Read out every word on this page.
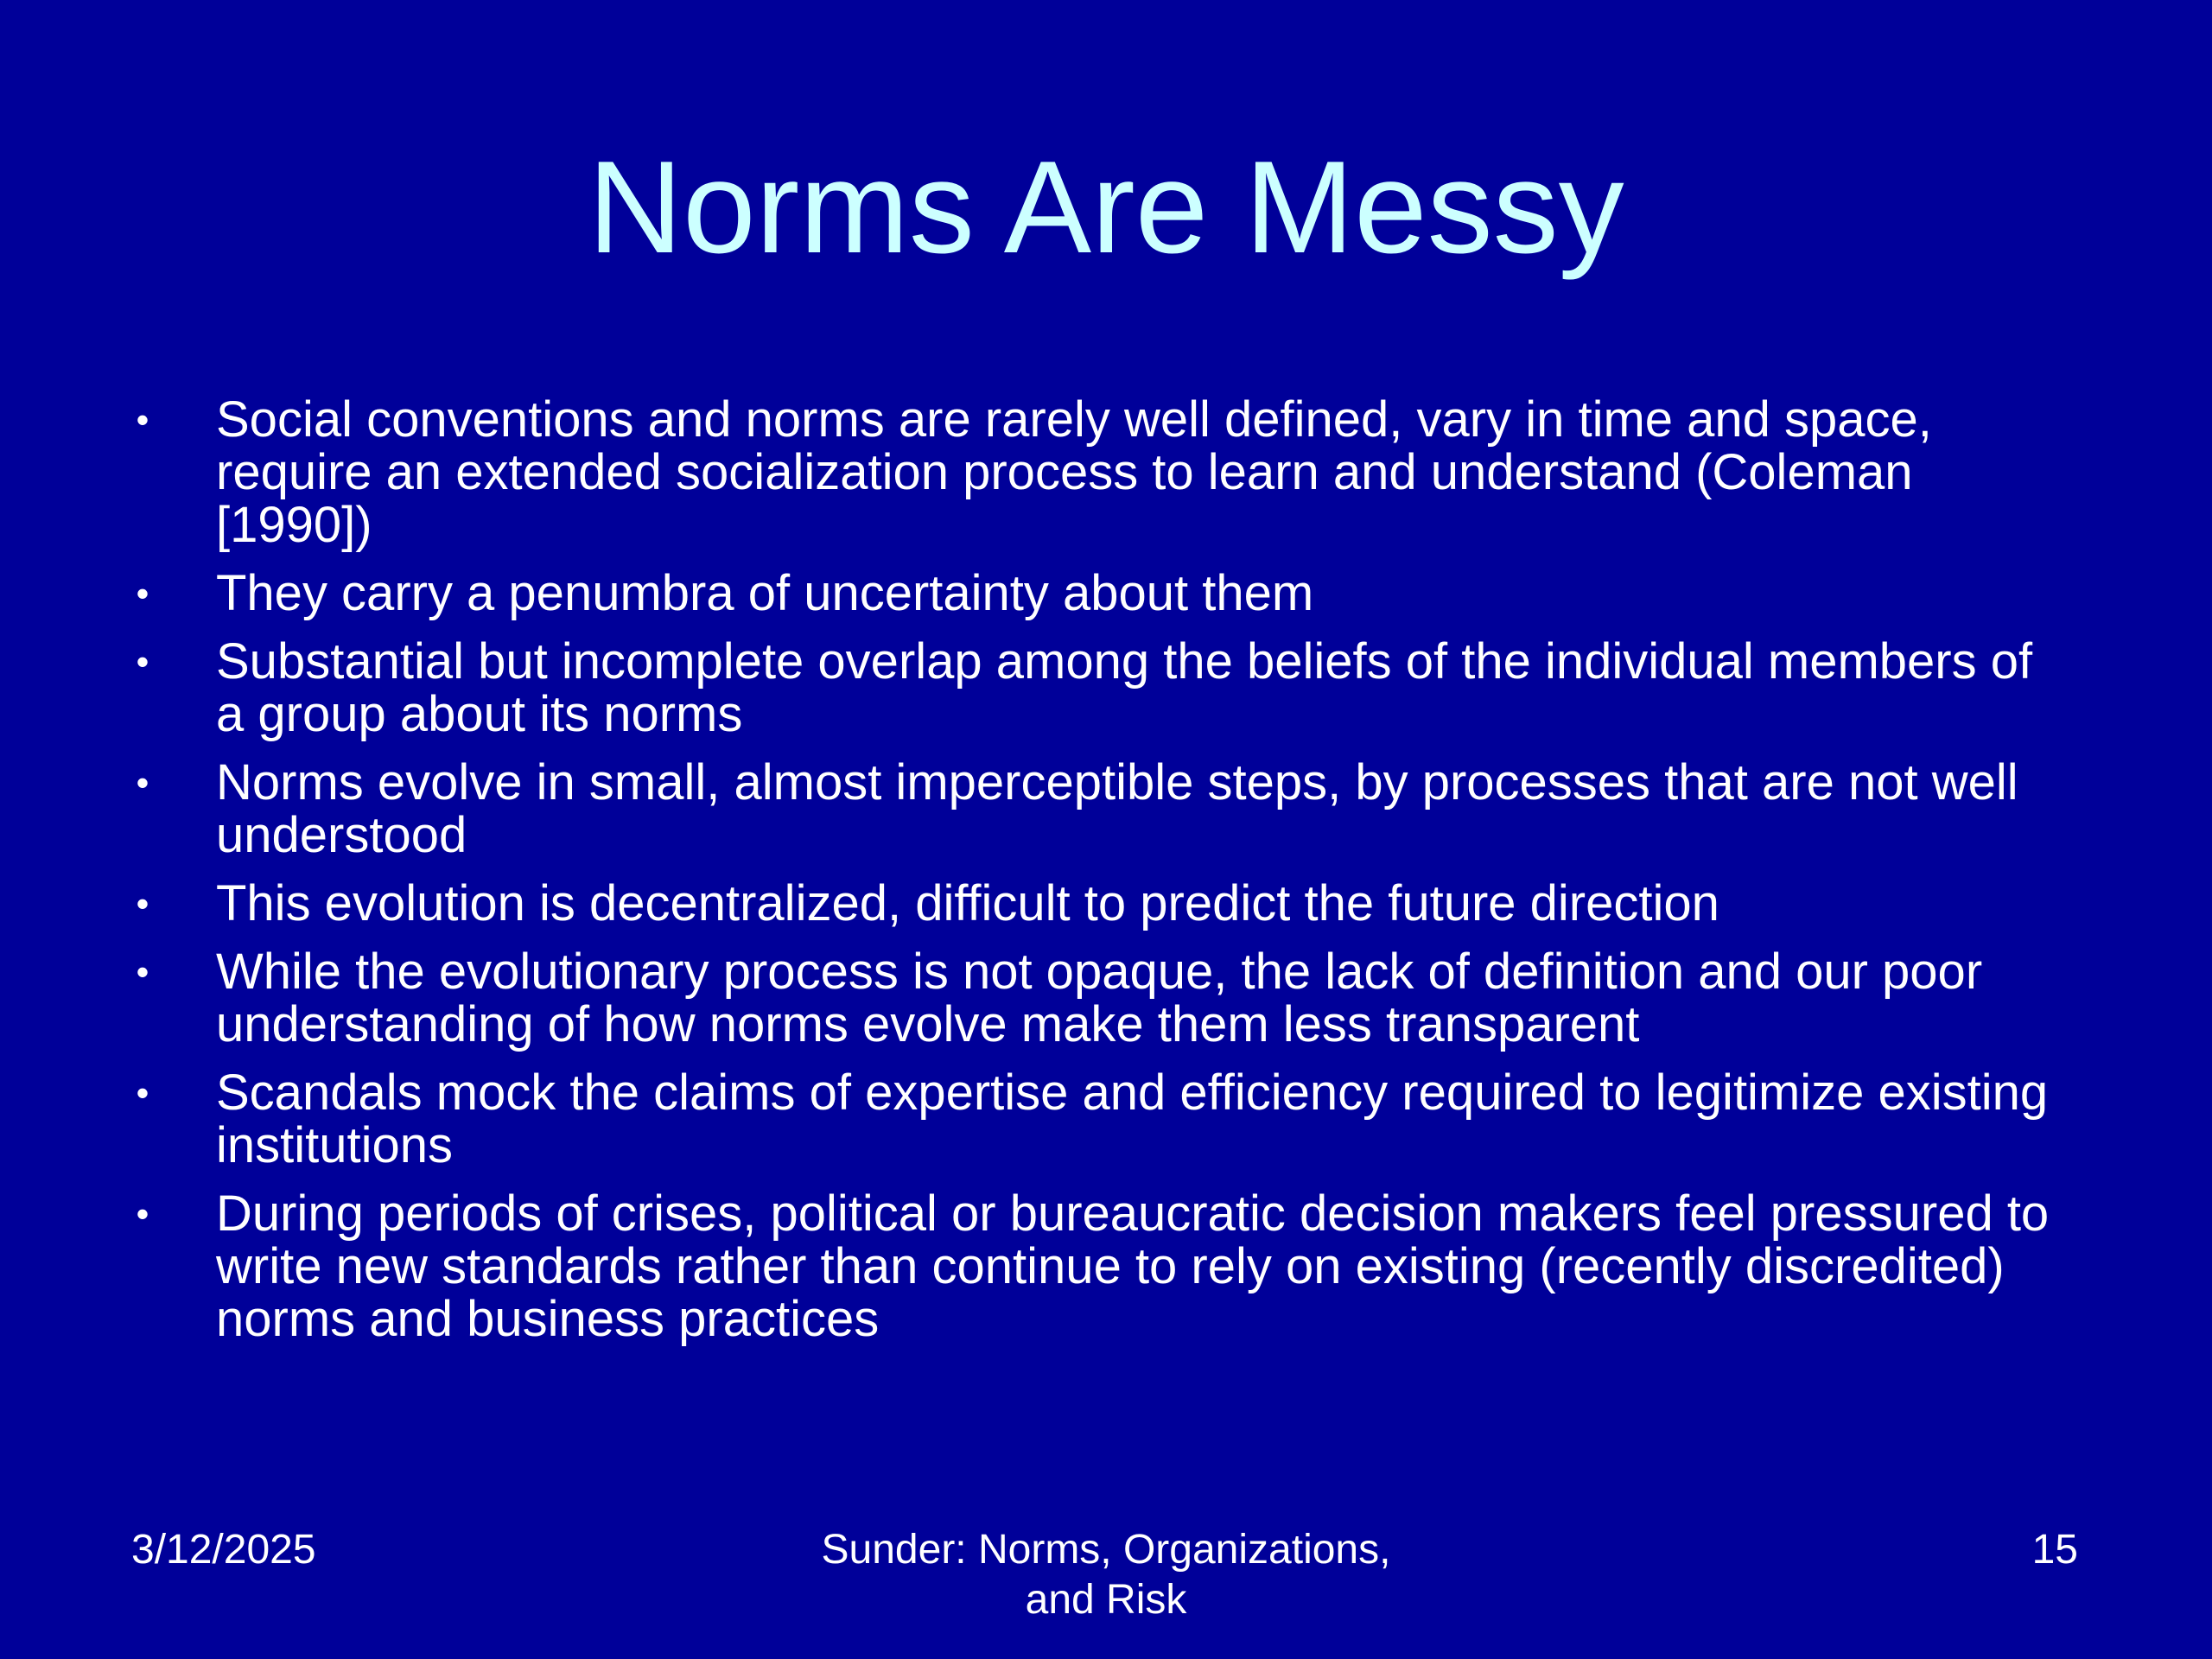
Norms Are Messy
• Social conventions and norms are rarely well defined, vary in time and space, require an extended socialization process to learn and understand (Coleman [1990])
• They carry a penumbra of uncertainty about them
• Substantial but incomplete overlap among the beliefs of the individual members of a group about its norms
• Norms evolve in small, almost imperceptible steps, by processes that are not well understood
• This evolution is decentralized, difficult to predict the future direction
• While the evolutionary process is not opaque, the lack of definition and our poor understanding of how norms evolve make them less transparent
• Scandals mock the claims of expertise and efficiency required to legitimize existing institutions
• During periods of crises, political or bureaucratic decision makers feel pressured to write new standards rather than continue to rely on existing (recently discredited) norms and business practices
3/12/2025	Sunder: Norms, Organizations,
and Risk
15
